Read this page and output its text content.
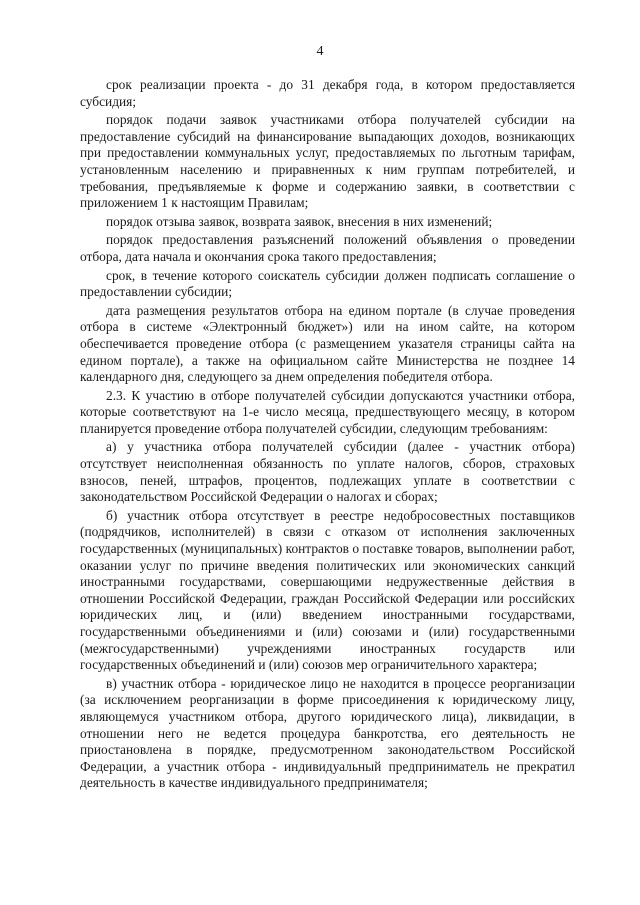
4

срок реализации проекта - до 31 декабря года, в котором предоставляется субсидия;

порядок подачи заявок участниками отбора получателей субсидии на предоставление субсидий на финансирование выпадающих доходов, возникающих при предоставлении коммунальных услуг, предоставляемых по льготным тарифам, установленным населению и приравненных к ним группам потребителей, и требования, предъявляемые к форме и содержанию заявки, в соответствии с приложением 1 к настоящим Правилам;

порядок отзыва заявок, возврата заявок, внесения в них изменений;

порядок предоставления разъяснений положений объявления о проведении отбора, дата начала и окончания срока такого предоставления;

срок, в течение которого соискатель субсидии должен подписать соглашение о предоставлении субсидии;

дата размещения результатов отбора на едином портале (в случае проведения отбора в системе «Электронный бюджет») или на ином сайте, на котором обеспечивается проведение отбора (с размещением указателя страницы сайта на едином портале), а также на официальном сайте Министерства не позднее 14 календарного дня, следующего за днем определения победителя отбора.

2.3. К участию в отборе получателей субсидии допускаются участники отбора, которые соответствуют на 1-е число месяца, предшествующего месяцу, в котором планируется проведение отбора получателей субсидии, следующим требованиям:

а) у участника отбора получателей субсидии (далее - участник отбора) отсутствует неисполненная обязанность по уплате налогов, сборов, страховых взносов, пеней, штрафов, процентов, подлежащих уплате в соответствии с законодательством Российской Федерации о налогах и сборах;

б) участник отбора отсутствует в реестре недобросовестных поставщиков (подрядчиков, исполнителей) в связи с отказом от исполнения заключенных государственных (муниципальных) контрактов о поставке товаров, выполнении работ, оказании услуг по причине введения политических или экономических санкций иностранными государствами, совершающими недружественные действия в отношении Российской Федерации, граждан Российской Федерации или российских юридических лиц, и (или) введением иностранными государствами, государственными объединениями и (или) союзами и (или) государственными (межгосударственными) учреждениями иностранных государств или государственных объединений и (или) союзов мер ограничительного характера;

в) участник отбора - юридическое лицо не находится в процессе реорганизации (за исключением реорганизации в форме присоединения к юридическому лицу, являющемуся участником отбора, другого юридического лица), ликвидации, в отношении него не ведется процедура банкротства, его деятельность не приостановлена в порядке, предусмотренном законодательством Российской Федерации, а участник отбора - индивидуальный предприниматель не прекратил деятельность в качестве индивидуального предпринимателя;
